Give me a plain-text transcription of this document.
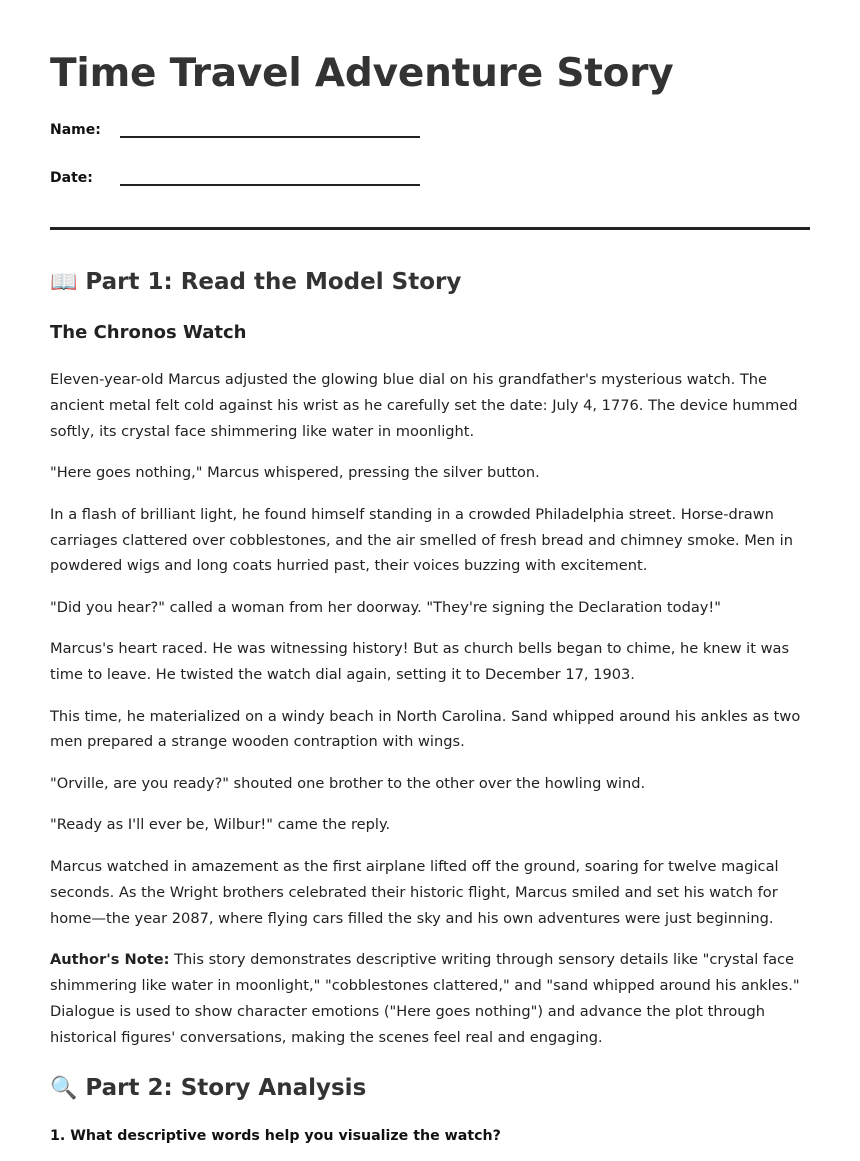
Time Travel Adventure Story
Name:
Date:
📖 Part 1: Read the Model Story
The Chronos Watch

Eleven-year-old Marcus adjusted the glowing blue dial on his grandfather's mysterious watch. The ancient metal felt cold against his wrist as he carefully set the date: July 4, 1776. The device hummed softly, its crystal face shimmering like water in moonlight.

"Here goes nothing," Marcus whispered, pressing the silver button.

In a flash of brilliant light, he found himself standing in a crowded Philadelphia street. Horse-drawn carriages clattered over cobblestones, and the air smelled of fresh bread and chimney smoke. Men in powdered wigs and long coats hurried past, their voices buzzing with excitement.

"Did you hear?" called a woman from her doorway. "They're signing the Declaration today!"

Marcus's heart raced. He was witnessing history! But as church bells began to chime, he knew it was time to leave. He twisted the watch dial again, setting it to December 17, 1903.

This time, he materialized on a windy beach in North Carolina. Sand whipped around his ankles as two men prepared a strange wooden contraption with wings.

"Orville, are you ready?" shouted one brother to the other over the howling wind.

"Ready as I'll ever be, Wilbur!" came the reply.

Marcus watched in amazement as the first airplane lifted off the ground, soaring for twelve magical seconds. As the Wright brothers celebrated their historic flight, Marcus smiled and set his watch for home—the year 2087, where flying cars filled the sky and his own adventures were just beginning.

Author's Note: This story demonstrates descriptive writing through sensory details like "crystal face shimmering like water in moonlight," "cobblestones clattered," and "sand whipped around his ankles." Dialogue is used to show character emotions ("Here goes nothing") and advance the plot through historical figures' conversations, making the scenes feel real and engaging.

🔍 Part 2: Story Analysis

1. What descriptive words help you visualize the watch?
